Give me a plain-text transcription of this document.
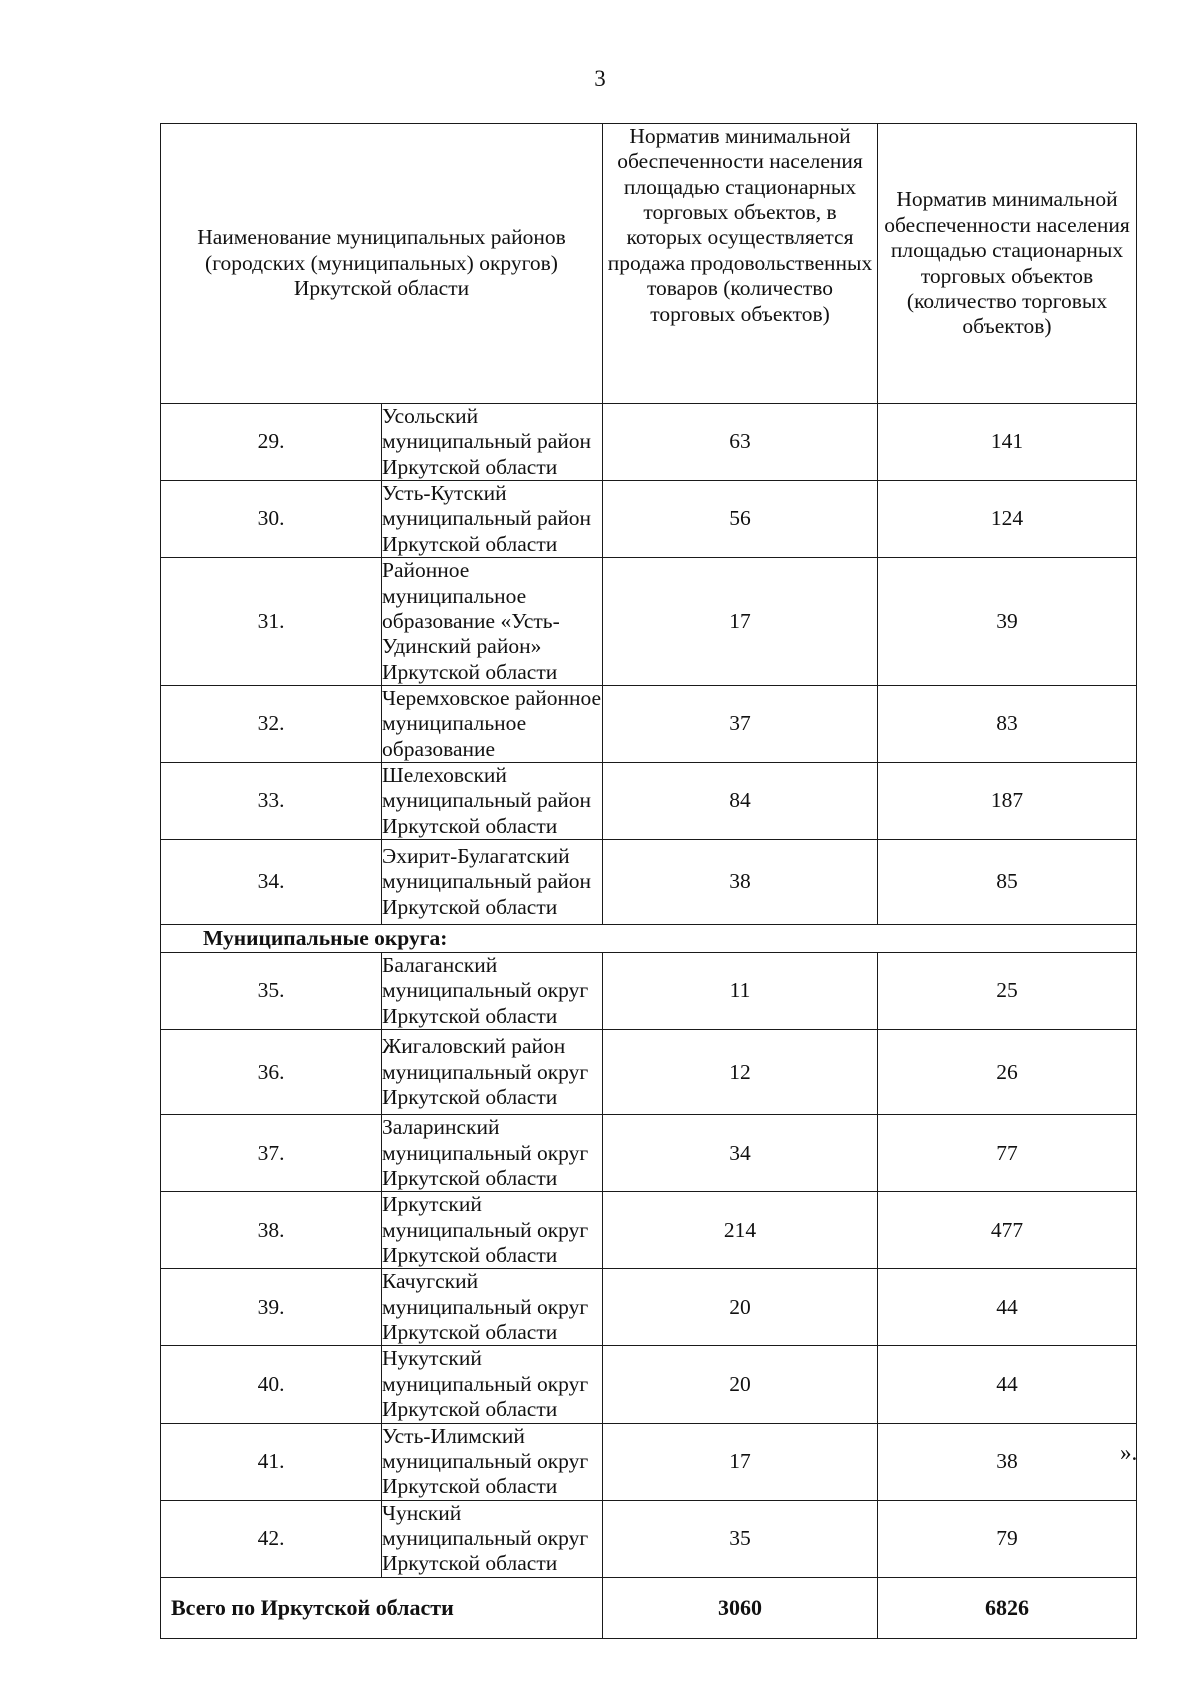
3
Наименование муниципальных районов (городских (муниципальных) округов) Иркутской области		Норматив минимальной обеспеченности населения площадью стационарных торговых объектов, в которых осуществляется продажа продовольственных товаров (количество торговых объектов)	Норматив минимальной обеспеченности населения площадью стационарных торговых объектов (количество торговых объектов)
29.	Усольский муниципальный район Иркутской области	63	141
30.	Усть-Кутский муниципальный район Иркутской области	56	124
31.	Районное муниципальное образование «Усть-Удинский район» Иркутской области	17	39
32.	Черемховское районное муниципальное образование	37	83
33.	Шелеховский муниципальный район Иркутской области	84	187
34.	Эхирит-Булагатский муниципальный район Иркутской области	38	85
Муниципальные округа:			
35.	Балаганский муниципальный округ Иркутской области	11	25
36.	Жигаловский район муниципальный округ Иркутской области	12	26
37.	Заларинский муниципальный округ Иркутской области	34	77
38.	Иркутский муниципальный округ Иркутской области	214	477
39.	Качугский муниципальный округ Иркутской области	20	44
40.	Нукутский муниципальный округ Иркутской области	20	44
41.	Усть-Илимский муниципальный округ Иркутской области	17	38
42.	Чунский муниципальный округ Иркутской области	35	79
Всего по Иркутской области		3060	6826
».
